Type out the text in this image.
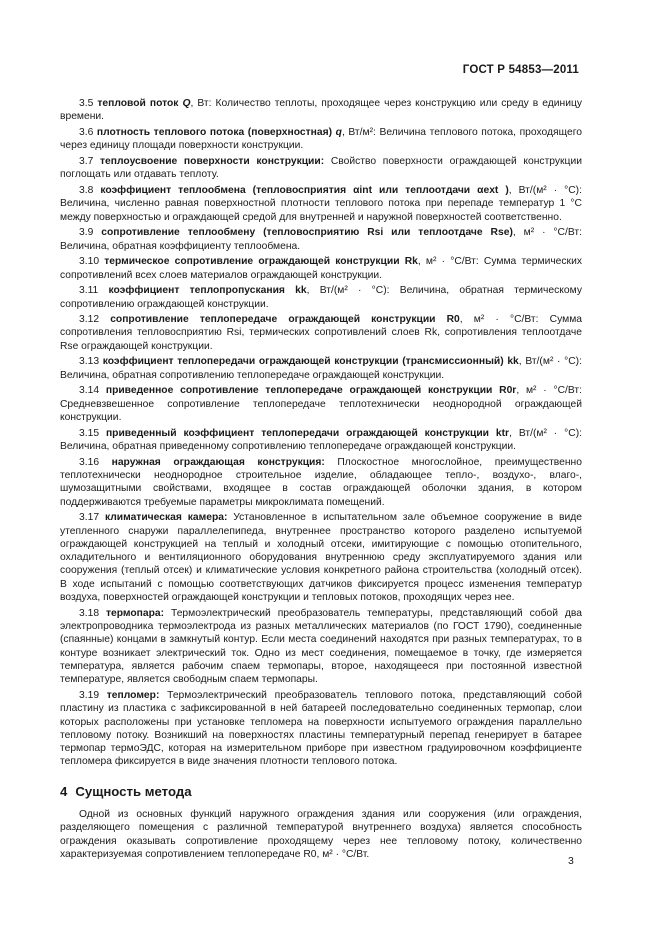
ГОСТ Р 54853—2011

3.5 тепловой поток Q, Вт: Количество теплоты, проходящее через конструкцию или среду в единицу времени.

3.6 плотность теплового потока (поверхностная) q, Вт/м²: Величина теплового потока, проходящего через единицу площади поверхности конструкции.

3.7 теплоусвоение поверхности конструкции: Свойство поверхности ограждающей конструкции поглощать или отдавать теплоту.

3.8 коэффициент теплообмена (тепловосприятия αint или теплоотдачи αext ), Вт/(м² · °С): Величина, численно равная поверхностной плотности теплового потока при перепаде температур 1 °С между поверхностью и ограждающей средой для внутренней и наружной поверхностей соответственно.

3.9 сопротивление теплообмену (тепловосприятию Rsi или теплоотдаче Rse), м² · °С/Вт: Величина, обратная коэффициенту теплообмена.

3.10 термическое сопротивление ограждающей конструкции Rk, м² · °С/Вт: Сумма термических сопротивлений всех слоев материалов ограждающей конструкции.

3.11 коэффициент теплопропускания kk, Вт/(м² · °С): Величина, обратная термическому сопротивлению ограждающей конструкции.

3.12 сопротивление теплопередаче ограждающей конструкции R0, м² · °С/Вт: Сумма сопротивления тепловосприятию Rsi, термических сопротивлений слоев Rk, сопротивления теплоотдаче Rse ограждающей конструкции.

3.13 коэффициент теплопередачи ограждающей конструкции (трансмиссионный) kk, Вт/(м² · °С): Величина, обратная сопротивлению теплопередаче ограждающей конструкции.

3.14 приведенное сопротивление теплопередаче ограждающей конструкции R0r, м² · °С/Вт: Средневзвешенное сопротивление теплопередаче теплотехнически неоднородной ограждающей конструкции.

3.15 приведенный коэффициент теплопередачи ограждающей конструкции ktr, Вт/(м² · °С): Величина, обратная приведенному сопротивлению теплопередаче ограждающей конструкции.

3.16 наружная ограждающая конструкция: Плоскостное многослойное, преимущественно теплотехнически неоднородное строительное изделие, обладающее тепло-, воздухо-, влаго-, шумозащитными свойствами, входящее в состав ограждающей оболочки здания, в котором поддерживаются требуемые параметры микроклимата помещений.

3.17 климатическая камера: Установленное в испытательном зале объемное сооружение в виде утепленного снаружи параллелепипеда, внутреннее пространство которого разделено испытуемой ограждающей конструкцией на теплый и холодный отсеки, имитирующие с помощью отопительного, охладительного и вентиляционного оборудования внутреннюю среду эксплуатируемого здания или сооружения (теплый отсек) и климатические условия конкретного района строительства (холодный отсек). В ходе испытаний с помощью соответствующих датчиков фиксируется процесс изменения температур воздуха, поверхностей ограждающей конструкции и тепловых потоков, проходящих через нее.

3.18 термопара: Термоэлектрический преобразователь температуры, представляющий собой два электропроводника термоэлектрода из разных металлических материалов (по ГОСТ 1790), соединенные (спаянные) концами в замкнутый контур. Если места соединений находятся при разных температурах, то в контуре возникает электрический ток. Одно из мест соединения, помещаемое в точку, где измеряется температура, является рабочим спаем термопары, второе, находящееся при постоянной известной температуре, является свободным спаем термопары.

3.19 тепломер: Термоэлектрический преобразователь теплового потока, представляющий собой пластину из пластика с зафиксированной в ней батареей последовательно соединенных термопар, слои которых расположены при установке тепломера на поверхности испытуемого ограждения параллельно тепловому потоку. Возникший на поверхностях пластины температурный перепад генерирует в батарее термопар термоЭДС, которая на измерительном приборе при известном градуировочном коэффициенте тепломера фиксируется в виде значения плотности теплового потока.

4 Сущность метода

Одной из основных функций наружного ограждения здания или сооружения (или ограждения, разделяющего помещения с различной температурой внутреннего воздуха) является способность ограждения оказывать сопротивление проходящему через нее тепловому потоку, количественно характеризуемая сопротивлением теплопередаче R0, м² · °С/Вт.

3
